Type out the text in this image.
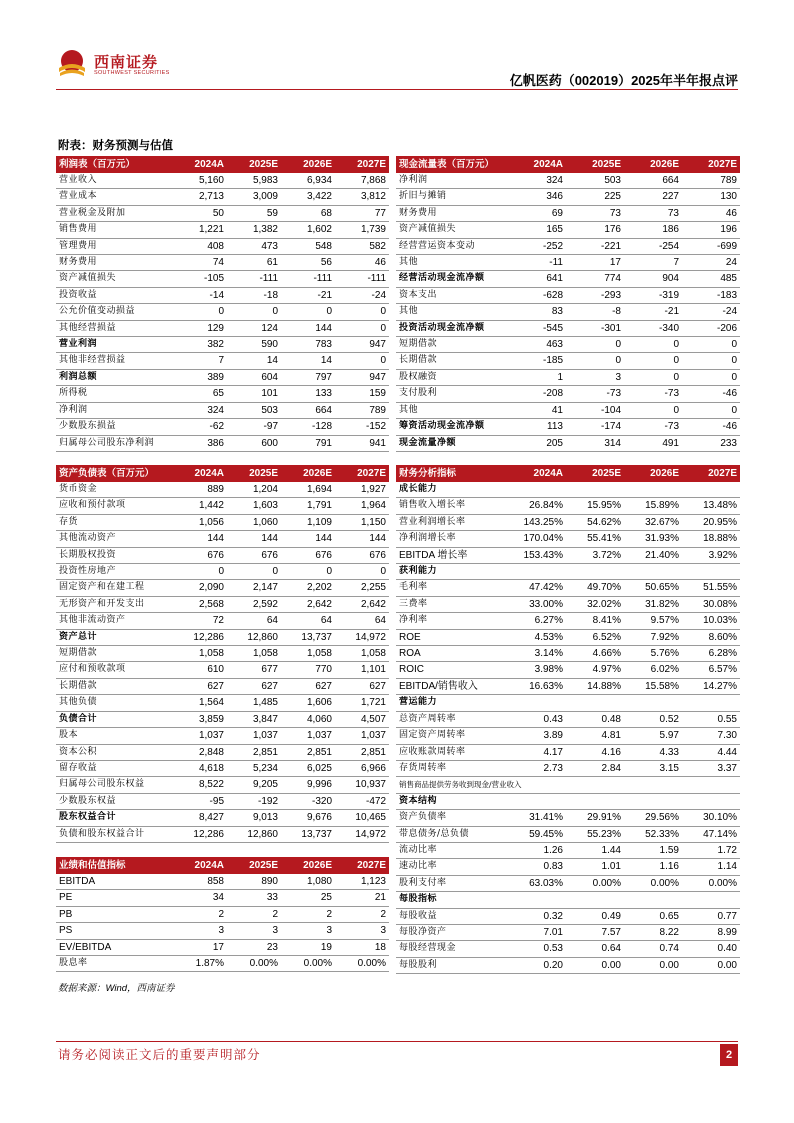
西南证券
SOUTHWEST SECURITIES	亿帆医药（002019）2025年半年报点评
附表：财务预测与估值
利润表（百万元）	2024A	2025E	2026E	2027E
营业收入	5,160	5,983	6,934	7,868
营业成本	2,713	3,009	3,422	3,812
营业税金及附加	50	59	68	77
销售费用	1,221	1,382	1,602	1,739
管理费用	408	473	548	582
财务费用	74	61	56	46
资产减值损失	-105	-111	-111	-111
投资收益	-14	-18	-21	-24
公允价值变动损益	0	0	0	0
其他经营损益	129	124	144	0
营业利润	382	590	783	947
其他非经营损益	7	14	14	0
利润总额	389	604	797	947
所得税	65	101	133	159
净利润	324	503	664	789
少数股东损益	-62	-97	-128	-152
归属母公司股东净利润	386	600	791	941
现金流量表（百万元）	2024A	2025E	2026E	2027E
净利润	324	503	664	789
折旧与摊销	346	225	227	130
财务费用	69	73	73	46
资产减值损失	165	176	186	196
经营营运资本变动	-252	-221	-254	-699
其他	-11	17	7	24
经营活动现金流净额	641	774	904	485
资本支出	-628	-293	-319	-183
其他	83	-8	-21	-24
投资活动现金流净额	-545	-301	-340	-206
短期借款	463	0	0	0
长期借款	-185	0	0	0
股权融资	1	3	0	0
支付股利	-208	-73	-73	-46
其他	41	-104	0	0
筹资活动现金流净额	113	-174	-73	-46
现金流量净额	205	314	491	233
资产负债表（百万元）	2024A	2025E	2026E	2027E
货币资金	889	1,204	1,694	1,927
应收和预付款项	1,442	1,603	1,791	1,964
存货	1,056	1,060	1,109	1,150
其他流动资产	144	144	144	144
长期股权投资	676	676	676	676
投资性房地产	0	0	0	0
固定资产和在建工程	2,090	2,147	2,202	2,255
无形资产和开发支出	2,568	2,592	2,642	2,642
其他非流动资产	72	64	64	64
资产总计	12,286	12,860	13,737	14,972
短期借款	1,058	1,058	1,058	1,058
应付和预收款项	610	677	770	1,101
长期借款	627	627	627	627
其他负债	1,564	1,485	1,606	1,721
负债合计	3,859	3,847	4,060	4,507
股本	1,037	1,037	1,037	1,037
资本公积	2,848	2,851	2,851	2,851
留存收益	4,618	5,234	6,025	6,966
归属母公司股东权益	8,522	9,205	9,996	10,937
少数股东权益	-95	-192	-320	-472
股东权益合计	8,427	9,013	9,676	10,465
负债和股东权益合计	12,286	12,860	13,737	14,972
财务分析指标	2024A	2025E	2026E	2027E
成长能力				
销售收入增长率	26.84%	15.95%	15.89%	13.48%
营业利润增长率	143.25%	54.62%	32.67%	20.95%
净利润增长率	170.04%	55.41%	31.93%	18.88%
EBITDA 增长率	153.43%	3.72%	21.40%	3.92%
获利能力				
毛利率	47.42%	49.70%	50.65%	51.55%
三费率	33.00%	32.02%	31.82%	30.08%
净利率	6.27%	8.41%	9.57%	10.03%
ROE	4.53%	6.52%	7.92%	8.60%
ROA	3.14%	4.66%	5.76%	6.28%
ROIC	3.98%	4.97%	6.02%	6.57%
EBITDA/销售收入	16.63%	14.88%	15.58%	14.27%
营运能力				
总资产周转率	0.43	0.48	0.52	0.55
固定资产周转率	3.89	4.81	5.97	7.30
应收账款周转率	4.17	4.16	4.33	4.44
存货周转率	2.73	2.84	3.15	3.37
销售商品提供劳务收到现金/营业收入				
资本结构				
资产负债率	31.41%	29.91%	29.56%	30.10%
带息债务/总负债	59.45%	55.23%	52.33%	47.14%
流动比率	1.26	1.44	1.59	1.72
速动比率	0.83	1.01	1.16	1.14
股利支付率	63.03%	0.00%	0.00%	0.00%
每股指标				
每股收益	0.32	0.49	0.65	0.77
每股净资产	7.01	7.57	8.22	8.99
每股经营现金	0.53	0.64	0.74	0.40
每股股利	0.20	0.00	0.00	0.00
业绩和估值指标	2024A	2025E	2026E	2027E
EBITDA	858	890	1,080	1,123
PE	34	33	25	21
PB	2	2	2	2
PS	3	3	3	3
EV/EBITDA	17	23	19	18
股息率	1.87%	0.00%	0.00%	0.00%
数据来源：Wind，西南证券
请务必阅读正文后的重要声明部分	2
